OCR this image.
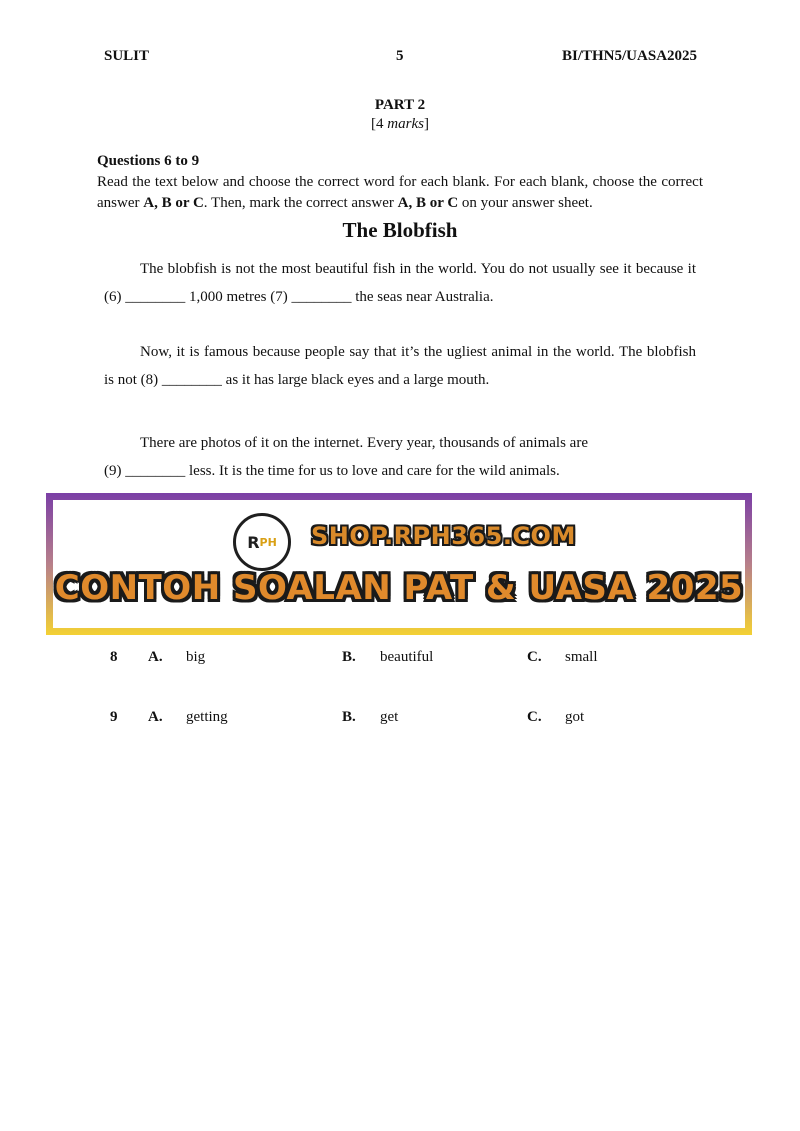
SULIT	5	BI/THN5/UASA2025
PART 2
[4 marks]
Questions 6 to 9
Read the text below and choose the correct word for each blank. For each blank, choose the correct answer A, B or C. Then, mark the correct answer A, B or C on your answer sheet.
The Blobfish
The blobfish is not the most beautiful fish in the world. You do not usually see it because it (6) ________ 1,000 metres (7) ________ the seas near Australia.
Now, it is famous because people say that it’s the ugliest animal in the world. The blobfish is not (8) ________ as it has large black eyes and a large mouth.
There are photos of it on the internet. Every year, thousands of animals are
(9) ________ less. It is the time for us to love and care for the wild animals.
R PH SHOP.RPH365.COM
CONTOH SOALAN PAT & UASA 2025
8 A. big	B. beautiful	C. small
9 A. getting	B. get	C. got
